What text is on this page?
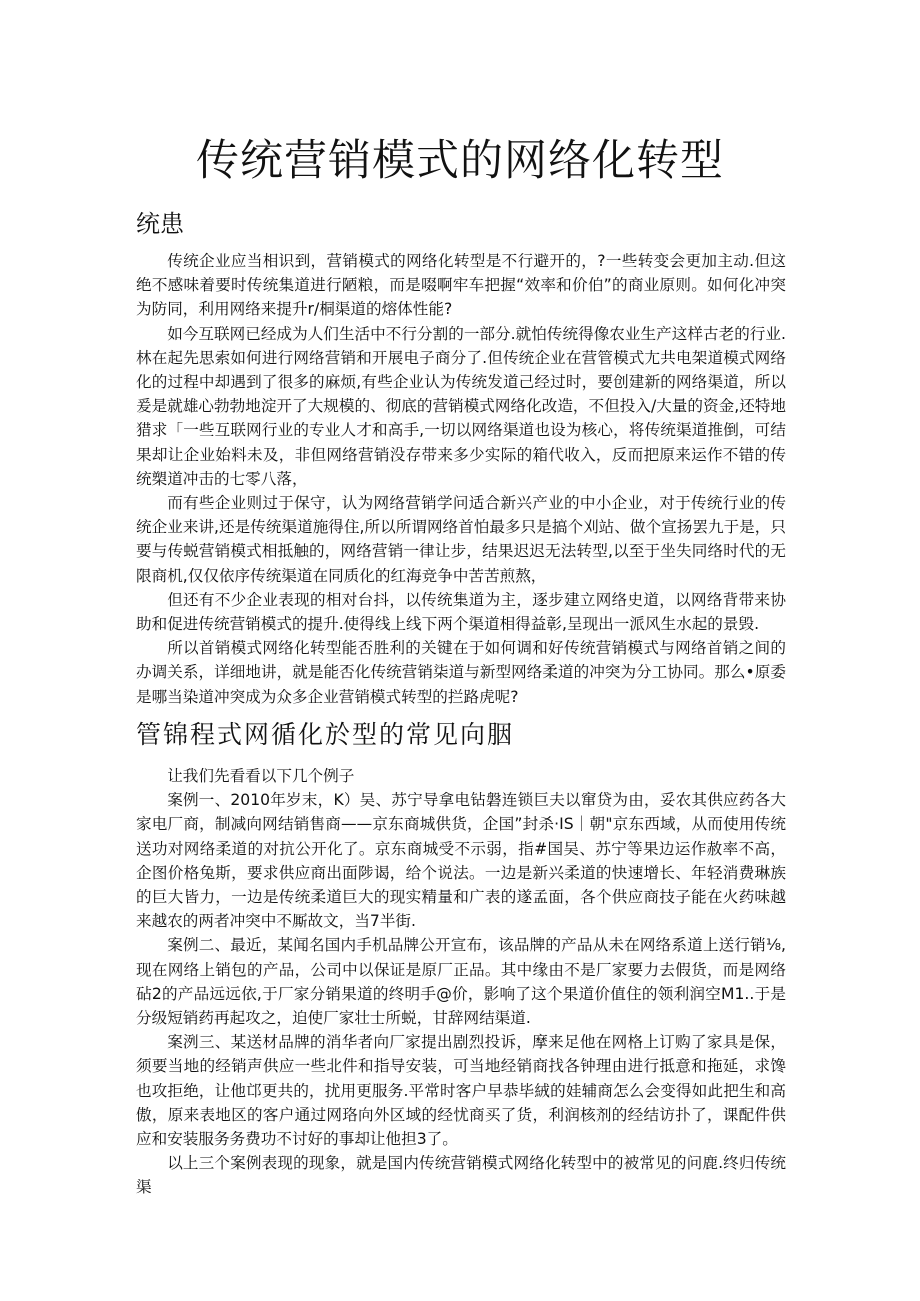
传统营销模式的网络化转型
统患

传统企业应当相识到，营销模式的网络化转型是不行避开的，?一些转变会更加主动.但这绝不感味着要时传统集道进行陋粮，而是啜啊牢车把握“效率和价伯”的商业原则。如何化冲突为防同，利用网络来提升r/桐渠道的熔体性能?

如今互联网已经成为人们生活中不行分割的一部分.就怕传统得像农业生产这样古老的行业.林在起先思索如何进行网络营销和开展电子商分了.但传统企业在营管模式尢共电架道模式网络化的过程中却遇到了很多的麻烦,有些企业认为传统发道己经过时，要创建新的网络渠道，所以爰是就雄心勃勃地淀开了大规模的、彻底的营销模式网络化改造，不但投入/大量的资金,还特地猎求「一些互联网行业的专业人才和高手,一切以网络渠道也设为核心，将传统渠道推倒，可结果却让企业始料未及，非但网络营销没存带来多少实际的箱代收入，反而把原来运作不错的传统槊道冲击的七零八落，

而有些企业则过于保守，认为网络营销学问适合新兴产业的中小企业，对于传统行业的传统企业来讲,还是传统渠道施得住,所以所谓网络首怕最多只是搞个刈站、做个宣扬罢九于是，只要与传蜕营销模式相抵触的，网络营销一律让步，结果迟迟无法转型,以至于坐失同络时代的无限商机,仅仅依序传统渠道在同质化的红海竞争中苦苦煎熬，

但还有不少企业表现的相对台抖，以传统集道为主，逐步建立网络史道，以网络背带来协助和促进传统营销模式的提升.使得线上线下两个渠道相得益彰,呈现出一派风生水起的景毁.

所以首销模式网络化转型能否胜利的关键在于如何调和好传统营销模式与网络首销之间的办调关系，详细地讲，就是能否化传统营销柒道与新型网络柔道的冲突为分工协同。那么•原委是哪当染道冲突成为众多企业营销模式转型的拦路虎呢?

管锦程式网循化於型的常见向胭

让我们先看看以下几个例子

案例一、2010年岁末，K）吴、苏宁导拿电钻磐连锁巨夫以窜贷为由，妥农其供应药各大家电厂商，制减向网结销售商——京东商城供货，企国”封杀·IS｜朝"京东西域，从而使用传统送功对网络柔道的对抗公开化了。京东商城受不示弱，指#国吴、苏宁等果边运作赦率不高，企图价格兔斯，要求供应商出面陟谒，给个说法。一边是新兴柔道的快速增长、年轻消费琳族的巨大皆力，一边是传统柔道巨大的现实精量和广表的遂孟面，各个供应商技子能在火药味越来越农的两者冲突中不厮故文，当7半街.

案例二、最近，某闻名国内手机品牌公开宣布，该品牌的产品从未在网络系道上送行销⅛,现在网络上销包的产品，公司中以保证是原厂正品。其中缘由不是厂家要力去假货，而是网络砧2的产品远远依,于厂家分销果道的终明手@价，影响了这个果道价值住的领利润空M1..于是分级短销药再起攻之，迫使厂家壮士所蜕，甘辞网结渠道.

案洌三、某送材品牌的消华者向厂家提出剧烈投诉，摩来足他在网格上订购了家具是保，须要当地的经销声供应一些北件和指导安装，可当地经销商找各钟理由进行抵意和拖延，求馋也攻拒绝，让他邙更共的，扰用更服务.平常时客户早恭毕絨的娃辅商怎么会变得如此把生和高傲，原来表地区的客户通过网珞向外区域的经忧商买了货，利润核剂的经结访扑了，课配件供应和安装服务务费功不讨好的事却让他担3了。

以上三个案例表现的现象，就是国内传统营销模式网络化转型中的被常见的问鹿.终归传统渠
